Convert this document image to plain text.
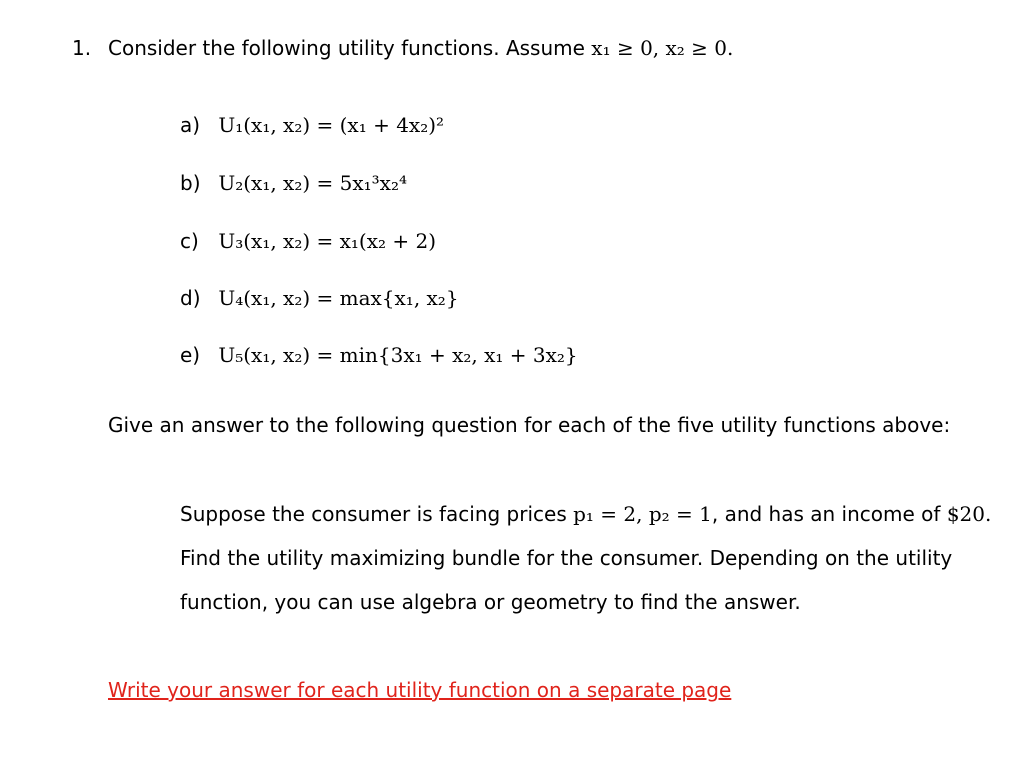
1. Consider the following utility functions. Assume x₁ ≥ 0, x₂ ≥ 0.
a) U₁(x₁, x₂) = (x₁ + 4x₂)²
b) U₂(x₁, x₂) = 5x₁³x₂⁴
c) U₃(x₁, x₂) = x₁(x₂ + 2)
d) U₄(x₁, x₂) = max{x₁, x₂}
e) U₅(x₁, x₂) = min{3x₁ + x₂, x₁ + 3x₂}
Give an answer to the following question for each of the five utility functions above:
Suppose the consumer is facing prices p₁ = 2, p₂ = 1, and has an income of $20.
Find the utility maximizing bundle for the consumer. Depending on the utility
function, you can use algebra or geometry to find the answer.
Write your answer for each utility function on a separate page
